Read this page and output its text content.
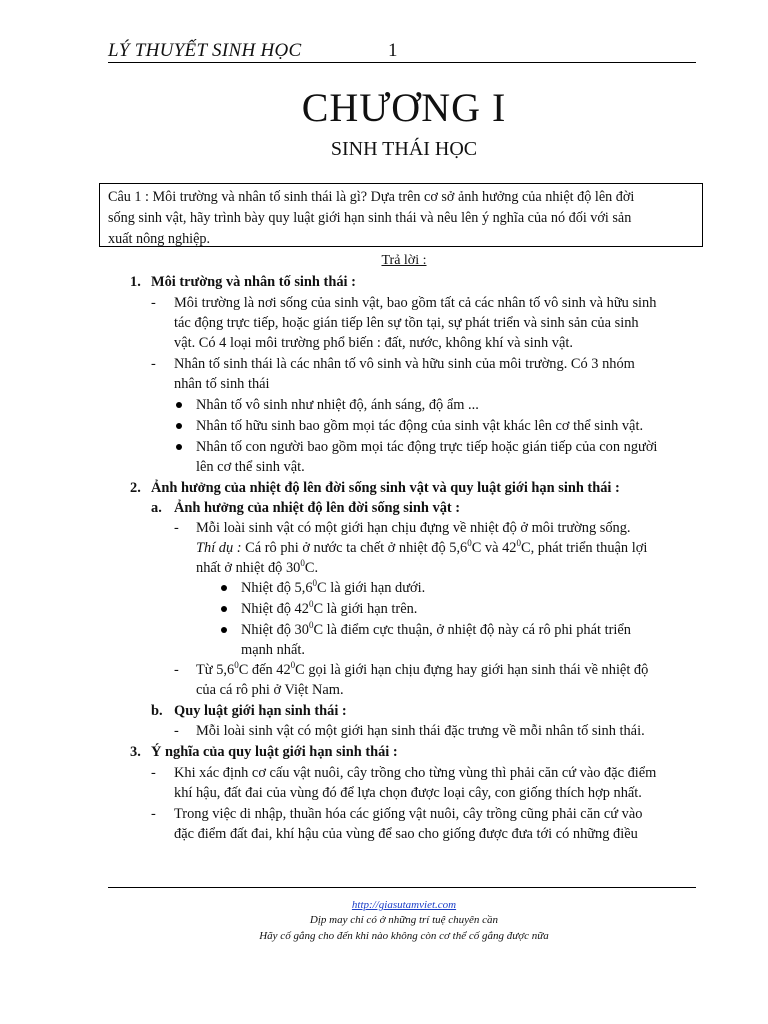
LÝ THUYẾT SINH HỌC	1
CHƯƠNG I
SINH THÁI HỌC
Câu 1 : Môi trường và nhân tố sinh thái là gì? Dựa trên cơ sở ảnh hưởng của nhiệt độ lên đời
sống sinh vật, hãy trình bày quy luật giới hạn sinh thái và nêu lên ý nghĩa của nó đối với sản
xuất nông nghiệp.
Trả lời :
1. Môi trường và nhân tố sinh thái :
- Môi trường là nơi sống của sinh vật, bao gồm tất cả các nhân tố vô sinh và hữu sinh
tác động trực tiếp, hoặc gián tiếp lên sự tồn tại, sự phát triển và sinh sản của sinh
vật. Có 4 loại môi trường phổ biến : đất, nước, không khí và sinh vật.
- Nhân tố sinh thái là các nhân tố vô sinh và hữu sinh của môi trường. Có 3 nhóm
nhân tố sinh thái
Nhân tố vô sinh như nhiệt độ, ánh sáng, độ ẩm ...
Nhân tố hữu sinh bao gồm mọi tác động của sinh vật khác lên cơ thể sinh vật.
Nhân tố con người bao gồm mọi tác động trực tiếp hoặc gián tiếp của con người
lên cơ thể sinh vật.
2. Ảnh hưởng của nhiệt độ lên đời sống sinh vật và quy luật giới hạn sinh thái :
a. Ảnh hưởng của nhiệt độ lên đời sống sinh vật :
- Mỗi loài sinh vật có một giới hạn chịu đựng về nhiệt độ ở môi trường sống.
Thí dụ : Cá rô phi ở nước ta chết ở nhiệt độ $5,6^0C$ và $42^0C$, phát triển thuận lợi
nhất ở nhiệt độ $30^0C$.
Nhiệt độ $5,6^0C$ là giới hạn dưới.
Nhiệt độ $42^0C$ là giới hạn trên.
Nhiệt độ $30^0C$ là điểm cực thuận, ở nhiệt độ này cá rô phi phát triển
mạnh nhất.
- Từ $5,6^0C$ đến $42^0C$ gọi là giới hạn chịu đựng hay giới hạn sinh thái về nhiệt độ
của cá rô phi ở Việt Nam.
b. Quy luật giới hạn sinh thái :
- Mỗi loài sinh vật có một giới hạn sinh thái đặc trưng về mỗi nhân tố sinh thái.
3. Ý nghĩa của quy luật giới hạn sinh thái :
- Khi xác định cơ cấu vật nuôi, cây trồng cho từng vùng thì phải căn cứ vào đặc điểm
khí hậu, đất đai của vùng đó để lựa chọn được loại cây, con giống thích hợp nhất.
- Trong việc di nhập, thuần hóa các giống vật nuôi, cây trồng cũng phải căn cứ vào
đặc điểm đất đai, khí hậu của vùng để sao cho giống được đưa tới có những điều
http://giasutamviet.com
Dịp may chỉ có ở những trí tuệ chuyên cần
Hãy cố gắng cho đến khi nào không còn cơ thể cố gắng được nữa
